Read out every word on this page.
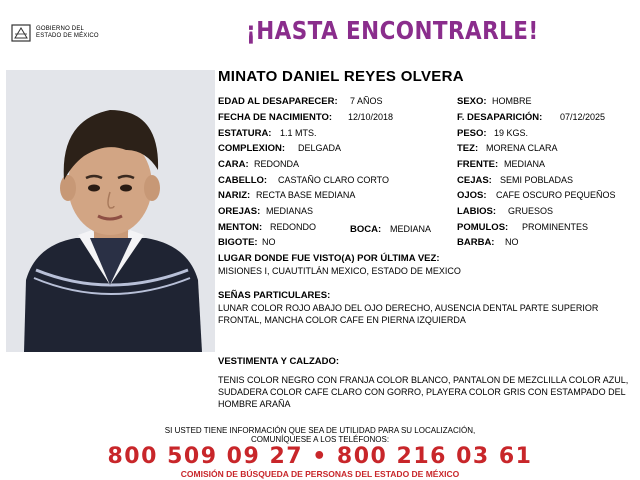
GOBIERNO DEL
ESTADO DE MÉXICO	¡HASTA ENCONTRARLE!
MINATO DANIEL REYES OLVERA
EDAD AL DESAPARECER: 7 AÑOS
FECHA DE NACIMIENTO: 12/10/2018
ESTATURA: 1.1 MTS.
COMPLEXION: DELGADA
CARA: REDONDA
CABELLO: CASTAÑO CLARO CORTO
NARIZ: RECTA BASE MEDIANA
OREJAS: MEDIANAS
MENTON: REDONDO	BOCA: MEDIANA
BIGOTE: NO
SEXO: HOMBRE
F. DESAPARICIÓN: 07/12/2025
PESO: 19 KGS.
TEZ: MORENA CLARA
FRENTE: MEDIANA
CEJAS: SEMI POBLADAS
OJOS: CAFE OSCURO PEQUEÑOS
LABIOS: GRUESOS
POMULOS: PROMINENTES
BARBA: NO
LUGAR DONDE FUE VISTO(A) POR ÚLTIMA VEZ:
MISIONES I, CUAUTITLÁN MEXICO, ESTADO DE MEXICO
SEÑAS PARTICULARES:
LUNAR COLOR ROJO ABAJO DEL OJO DERECHO, AUSENCIA DENTAL PARTE SUPERIOR FRONTAL, MANCHA COLOR CAFE EN PIERNA IZQUIERDA
VESTIMENTA Y CALZADO:
TENIS COLOR NEGRO CON FRANJA COLOR BLANCO, PANTALON DE MEZCLILLA COLOR AZUL, SUDADERA COLOR CAFE CLARO CON GORRO, PLAYERA COLOR GRIS CON ESTAMPADO DEL HOMBRE ARAÑA
SI USTED TIENE INFORMACIÓN QUE SEA DE UTILIDAD PARA SU LOCALIZACIÓN,
COMUNÍQUESE A LOS TELÉFONOS:
800 509 09 27 • 800 216 03 61
COMISIÓN DE BÚSQUEDA DE PERSONAS DEL ESTADO DE MÉXICO
